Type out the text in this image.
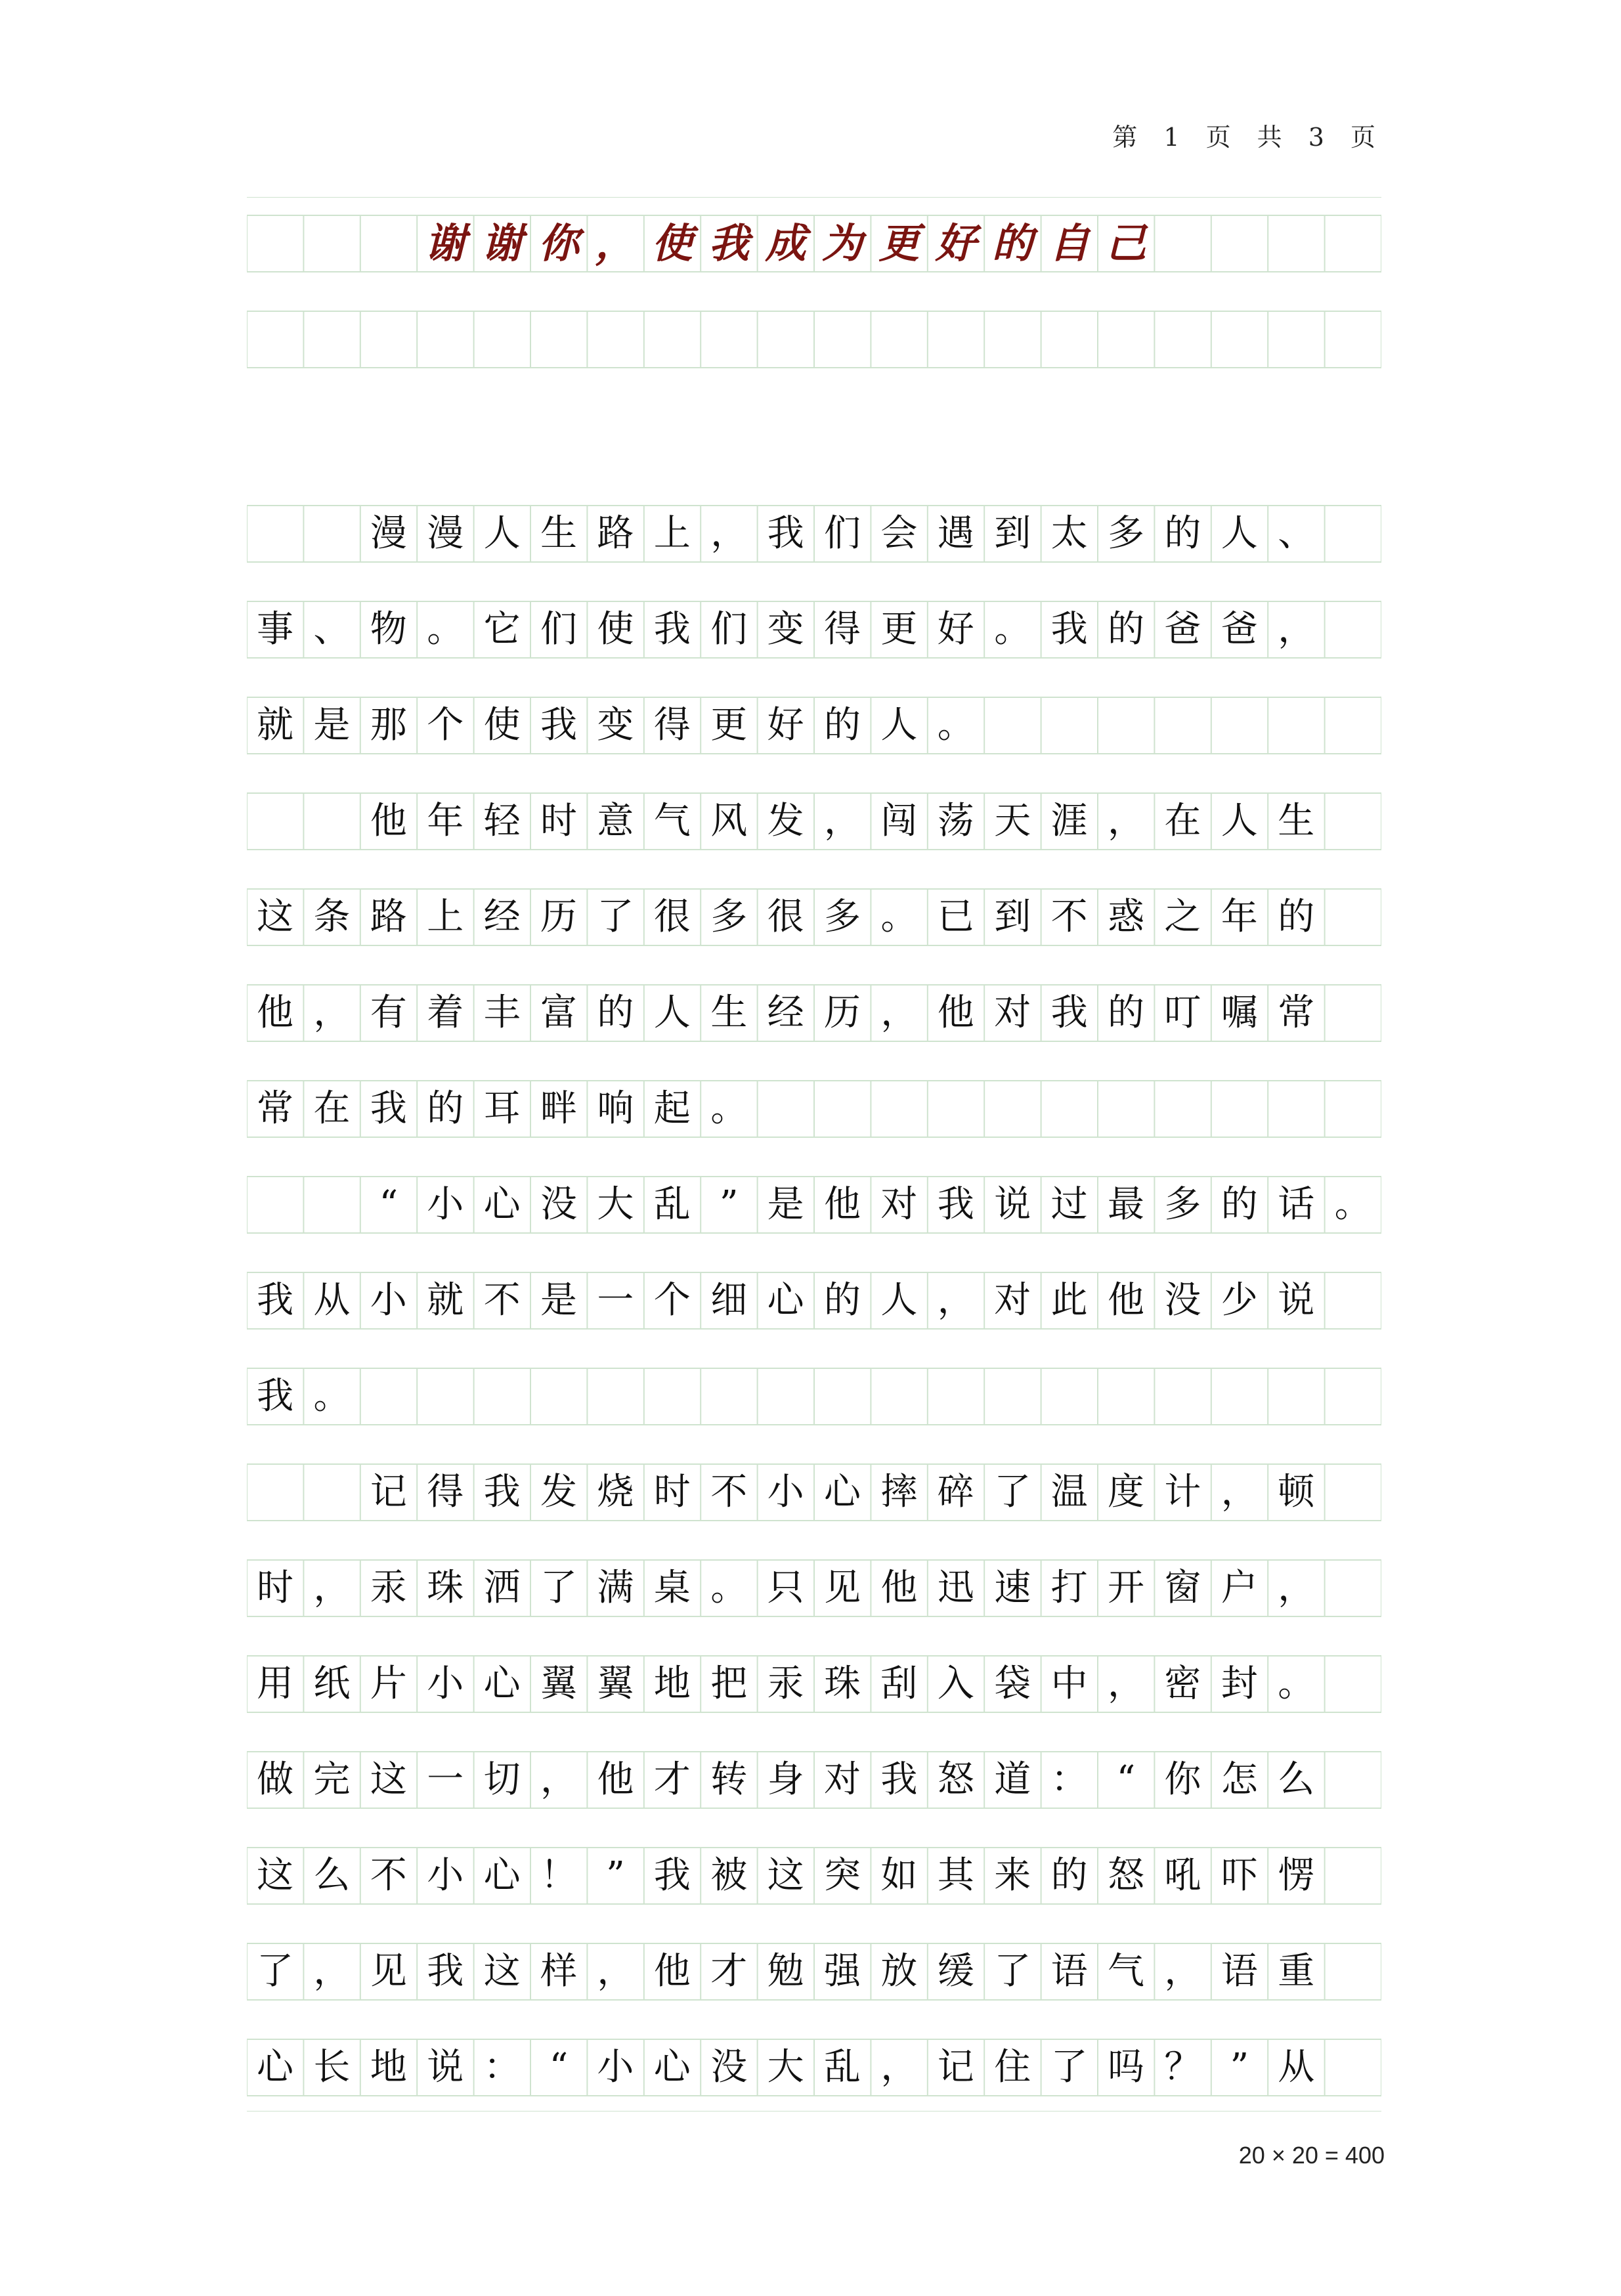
第 1 页 共 3 页
谢 谢 你 ， 使 我 成 为 更 好 的 自 己
漫 漫 人 生 路 上 ， 我 们 会 遇 到 太 多 的 人 、
事 、 物 。 它 们 使 我 们 变 得 更 好 。 我 的 爸 爸 ，
就 是 那 个 使 我 变 得 更 好 的 人 。
他 年 轻 时 意 气 风 发 ， 闯 荡 天 涯 ， 在 人 生
这 条 路 上 经 历 了 很 多 很 多 。 已 到 不 惑 之 年 的
他 ， 有 着 丰 富 的 人 生 经 历 ， 他 对 我 的 叮 嘱 常
常 在 我 的 耳 畔 响 起 。
“ 小 心 没 大 乱 ” 是 他 对 我 说 过 最 多 的 话 。
我 从 小 就 不 是 一 个 细 心 的 人 ， 对 此 他 没 少 说
我 。
记 得 我 发 烧 时 不 小 心 摔 碎 了 温 度 计 ， 顿
时 ， 汞 珠 洒 了 满 桌 。 只 见 他 迅 速 打 开 窗 户 ，
用 纸 片 小 心 翼 翼 地 把 汞 珠 刮 入 袋 中 ， 密 封 。
做 完 这 一 切 ， 他 才 转 身 对 我 怒 道 ： “ 你 怎 么
这 么 不 小 心 ！ ” 我 被 这 突 如 其 来 的 怒 吼 吓 愣
了 ， 见 我 这 样 ， 他 才 勉 强 放 缓 了 语 气 ， 语 重
心 长 地 说 ： “ 小 心 没 大 乱 ， 记 住 了 吗 ？ ” 从
20 × 20 = 400
